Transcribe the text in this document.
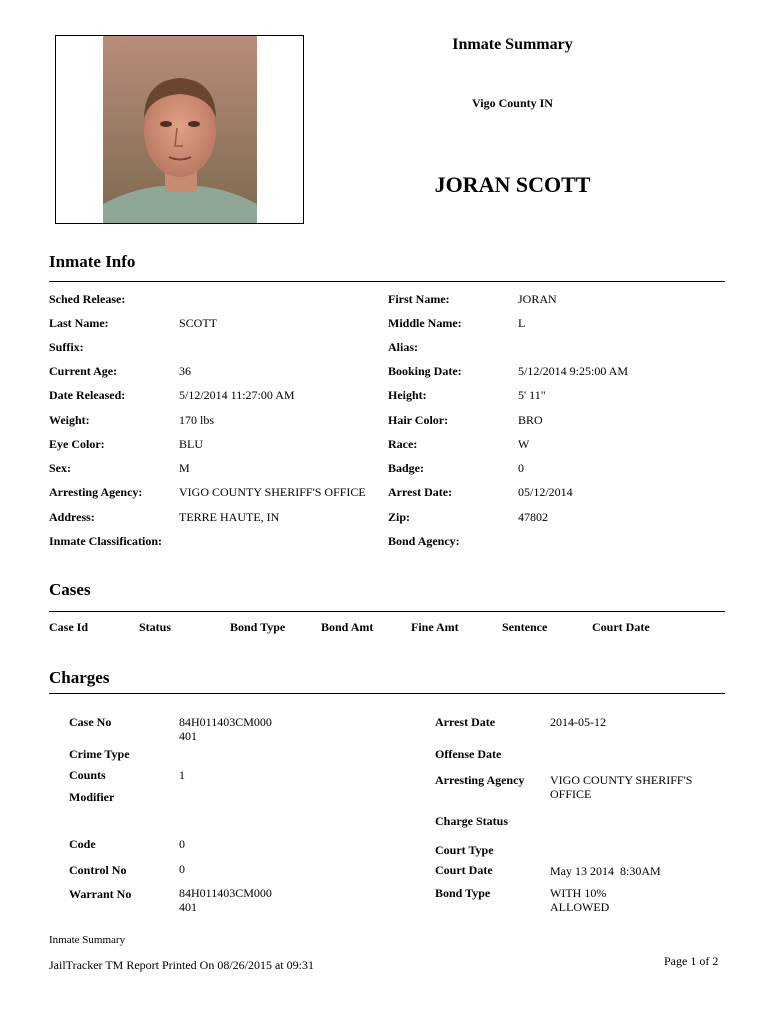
Inmate Summary
Vigo County IN
JORAN SCOTT
Inmate Info
Sched Release:
Last Name:	SCOTT
Suffix:
Current Age:	36
Date Released:	5/12/2014 11:27:00 AM
Weight:	170 lbs
Eye Color:	BLU
Sex:	M
Arresting Agency:	VIGO COUNTY SHERIFF'S OFFICE
Address:	TERRE HAUTE, IN
Inmate Classification:
First Name:	JORAN
Middle Name:	L
Alias:
Booking Date:	5/12/2014 9:25:00 AM
Height:	5' 11"
Hair Color:	BRO
Race:	W
Badge:	0
Arrest Date:	05/12/2014
Zip:	47802
Bond Agency:
Cases
Case Id	Status	Bond Type	Bond Amt	Fine Amt	Sentence	Court Date
Charges
Case No	84H011403CM000
401
Crime Type
Counts	1
Modifier
Code	0
Control No	0
Warrant No	84H011403CM000
401
Arrest Date	2014-05-12
Offense Date
Arresting Agency VIGO COUNTY SHERIFF'S
OFFICE
Charge Status
Court Type
Court Date	May 13 2014  8:30AM
Bond Type	WITH 10%
ALLOWED
Inmate Summary
JailTracker TM Report Printed On 08/26/2015 at 09:31	Page 1 of 2
